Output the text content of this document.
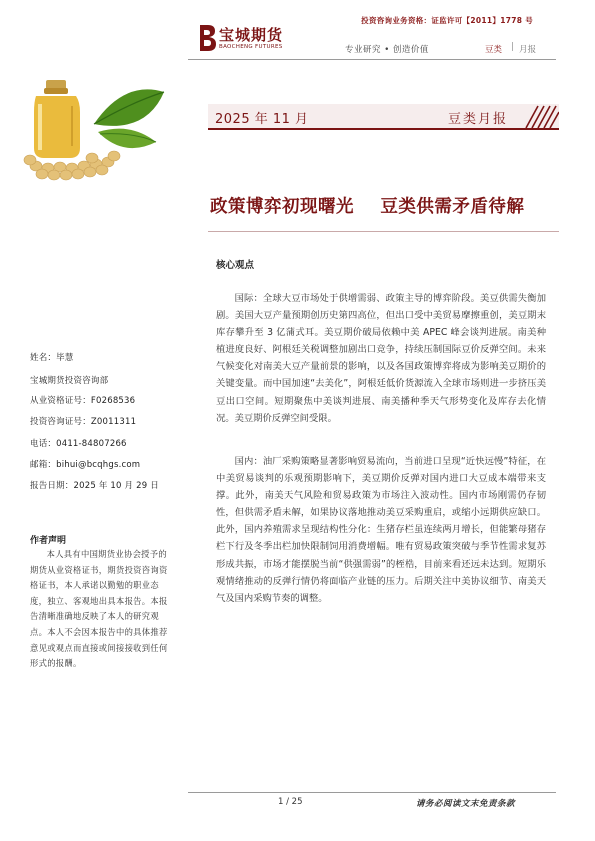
投资咨询业务资格：证监许可【2011】1778 号
宝城期货
BAOCHENG FUTURES	专业研究 • 创造价值	豆类 | 月报
姓名：毕慧
宝城期货投资咨询部
从业资格证号：F0268536
投资咨询证号：Z0011311
电话：0411-84807266
邮箱：bihui@bcqhgs.com
报告日期：2025 年 10 月 29 日
作者声明
本人具有中国期货业协会授予的期货从业资格证书，期货投资咨询资格证书，本人承诺以勤勉的职业态度，独立、客观地出具本报告。本报告清晰准确地反映了本人的研究观点。本人不会因本报告中的具体推荐意见或观点而直接或间接接收到任何形式的报酬。
2025 年 11 月	豆类月报
政策博弈初现曙光    豆类供需矛盾待解
核心观点
国际：全球大豆市场处于供增需弱、政策主导的博弈阶段。美豆供需失衡加剧。美国大豆产量预期创历史第四高位，但出口受中美贸易摩擦重创，美豆期末库存攀升至 3 亿蒲式耳。美豆期价破局依赖中美 APEC 峰会谈判进展。南美种植进度良好、阿根廷关税调整加剧出口竞争，持续压制国际豆价反弹空间。未来气候变化对南美大豆产量前景的影响，以及各国政策博弈将成为影响美豆期价的关键变量。而中国加速“去美化”，阿根廷低价货源流入全球市场则进一步挤压美豆出口空间。短期聚焦中美谈判进展、南美播种季天气形势变化及库存去化情况。美豆期价反弹空间受限。
国内：油厂采购策略显著影响贸易流向，当前进口呈现“近快远慢”特征，在中美贸易谈判的乐观预期影响下，美豆期价反弹对国内进口大豆成本端带来支撑。此外，南美天气风险和贸易政策为市场注入波动性。国内市场刚需仍存韧性，但供需矛盾未解，如果协议落地推动美豆采购重启，或缩小远期供应缺口。此外，国内养殖需求呈现结构性分化：生猪存栏虽连续两月增长，但能繁母猪存栏下行及冬季出栏加快限制饲用消费增幅。唯有贸易政策突破与季节性需求复苏形成共振，市场才能摆脱当前“供强需弱”的桎梏，目前来看还远未达到。短期乐观情绪推动的反弹行情仍将面临产业链的压力。后期关注中美协议细节、南美天气及国内采购节奏的调整。
1 / 25	请务必阅读文末免责条款
